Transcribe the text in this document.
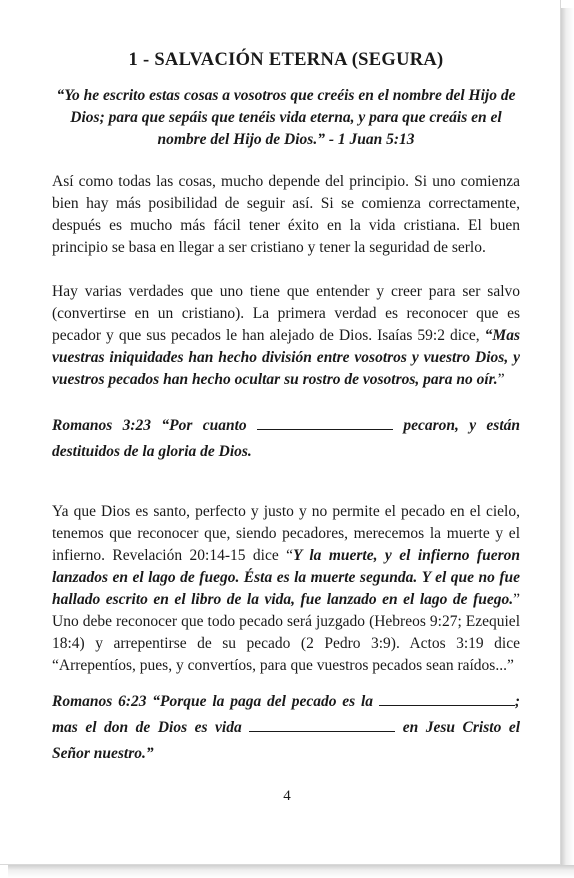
1 - SALVACIÓN ETERNA (SEGURA)
“Yo he escrito estas cosas a vosotros que creéis en el nombre del Hijo de Dios; para que sepáis que tenéis vida eterna, y para que creáis en el nombre del Hijo de Dios.” - 1 Juan 5:13

Así como todas las cosas, mucho depende del principio. Si uno comienza bien hay más posibilidad de seguir así. Si se comienza correctamente, después es mucho más fácil tener éxito en la vida cristiana. El buen principio se basa en llegar a ser cristiano y tener la seguridad de serlo.

Hay varias verdades que uno tiene que entender y creer para ser salvo (convertirse en un cristiano). La primera verdad es reconocer que es pecador y que sus pecados le han alejado de Dios. Isaías 59:2 dice, “Mas vuestras iniquidades han hecho división entre vosotros y vuestro Dios, y vuestros pecados han hecho ocultar su rostro de vosotros, para no oír.”

Romanos 3:23 “Por cuanto	pecaron, y están destituidos de la gloria de Dios.

Ya que Dios es santo, perfecto y justo y no permite el pecado en el cielo, tenemos que reconocer que, siendo pecadores, merecemos la muerte y el infierno. Revelación 20:14-15 dice “Y la muerte, y el infierno fueron lanzados en el lago de fuego. Ésta es la muerte segunda. Y el que no fue hallado escrito en el libro de la vida, fue lanzado en el lago de fuego.” Uno debe reconocer que todo pecado será juzgado (Hebreos 9:27; Ezequiel 18:4) y arrepentirse de su pecado (2 Pedro 3:9). Actos 3:19 dice “Arrepentíos, pues, y convertíos, para que vuestros pecados sean raídos...”

Romanos 6:23 “Porque la paga del pecado es la	; mas el don de Dios es vida	en Jesu Cristo el Señor nuestro.”

4
